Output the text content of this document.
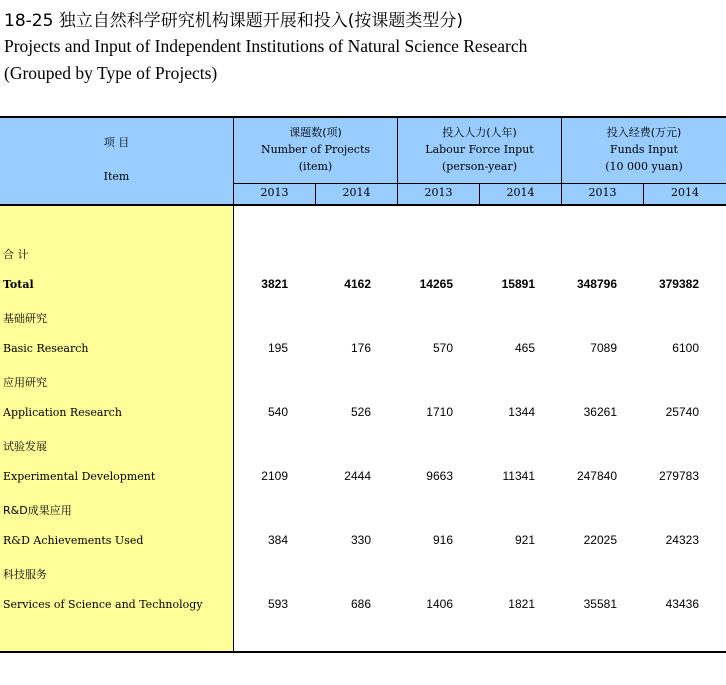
18-25 独立自然科学研究机构课题开展和投入(按课题类型分)
Projects and Input of Independent Institutions of Natural Science Research
(Grouped by Type of Projects)
项 目
Item
课题数(项)
Number of Projects
(item)
投入人力(人年)
Labour Force Input
(person-year)
投入经费(万元)
Funds Input
(10 000 yuan)
2013	2014	2013	2014	2013	2014
合 计
Total	3821	4162	14265	15891	348796	379382
基础研究
Basic Research	195	176	570	465	7089	6100
应用研究
Application Research	540	526	1710	1344	36261	25740
试验发展
Experimental Development	2109	2444	9663	11341	247840	279783
R&D成果应用
R&D Achievements Used	384	330	916	921	22025	24323
科技服务
Services of Science and Technology	593	686	1406	1821	35581	43436
